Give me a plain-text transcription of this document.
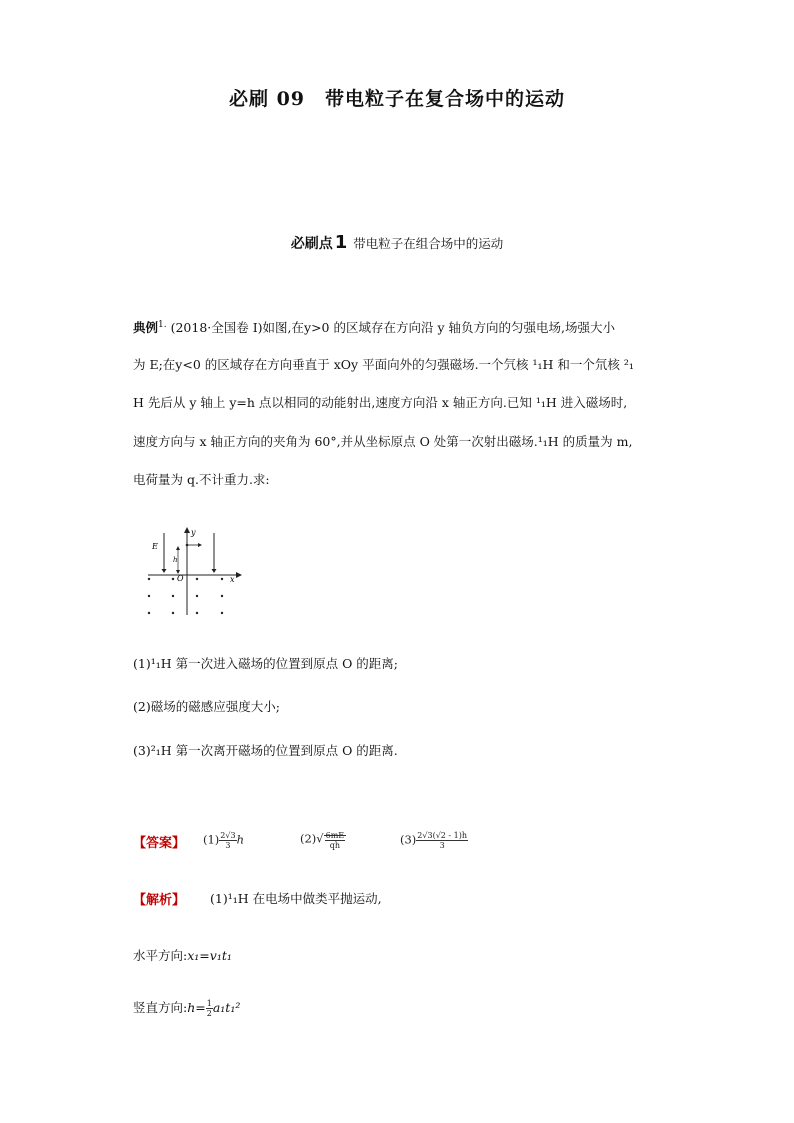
必刷 09　带电粒子在复合场中的运动
必刷点 1 带电粒子在组合场中的运动
典例$^{1.}$ (2018·全国卷 I)如图,在y>0 的区域存在方向沿 y 轴负方向的匀强电场,场强大小
为 E;在y<0 的区域存在方向垂直于 xOy 平面向外的匀强磁场.一个氕核 ¹₁H 和一个氘核 ²₁
H 先后从 y 轴上 y=h 点以相同的动能射出,速度方向沿 x 轴正方向.已知 ¹₁H 进入磁场时,
速度方向与 x 轴正方向的夹角为 60°,并从坐标原点 O 处第一次射出磁场.¹₁H 的质量为 m,
电荷量为 q.不计重力.求:
y
x
O
E
h
(1)¹₁H 第一次进入磁场的位置到原点 O 的距离;
(2)磁场的磁感应强度大小;
(3)²₁H 第一次离开磁场的位置到原点 O 的距离.
【答案】 $(1) \frac{2√3}{3}$ h	$(2)√ \frac{6mE}{qh}$	$(3) \frac{2√3(√2 - 1)h}{3}$
【解析】 (1)¹₁H 在电场中做类平抛运动,
水平方向:x₁=v₁t₁
竖直方向:h= $\frac{1}{2} a_1t_1^2$
